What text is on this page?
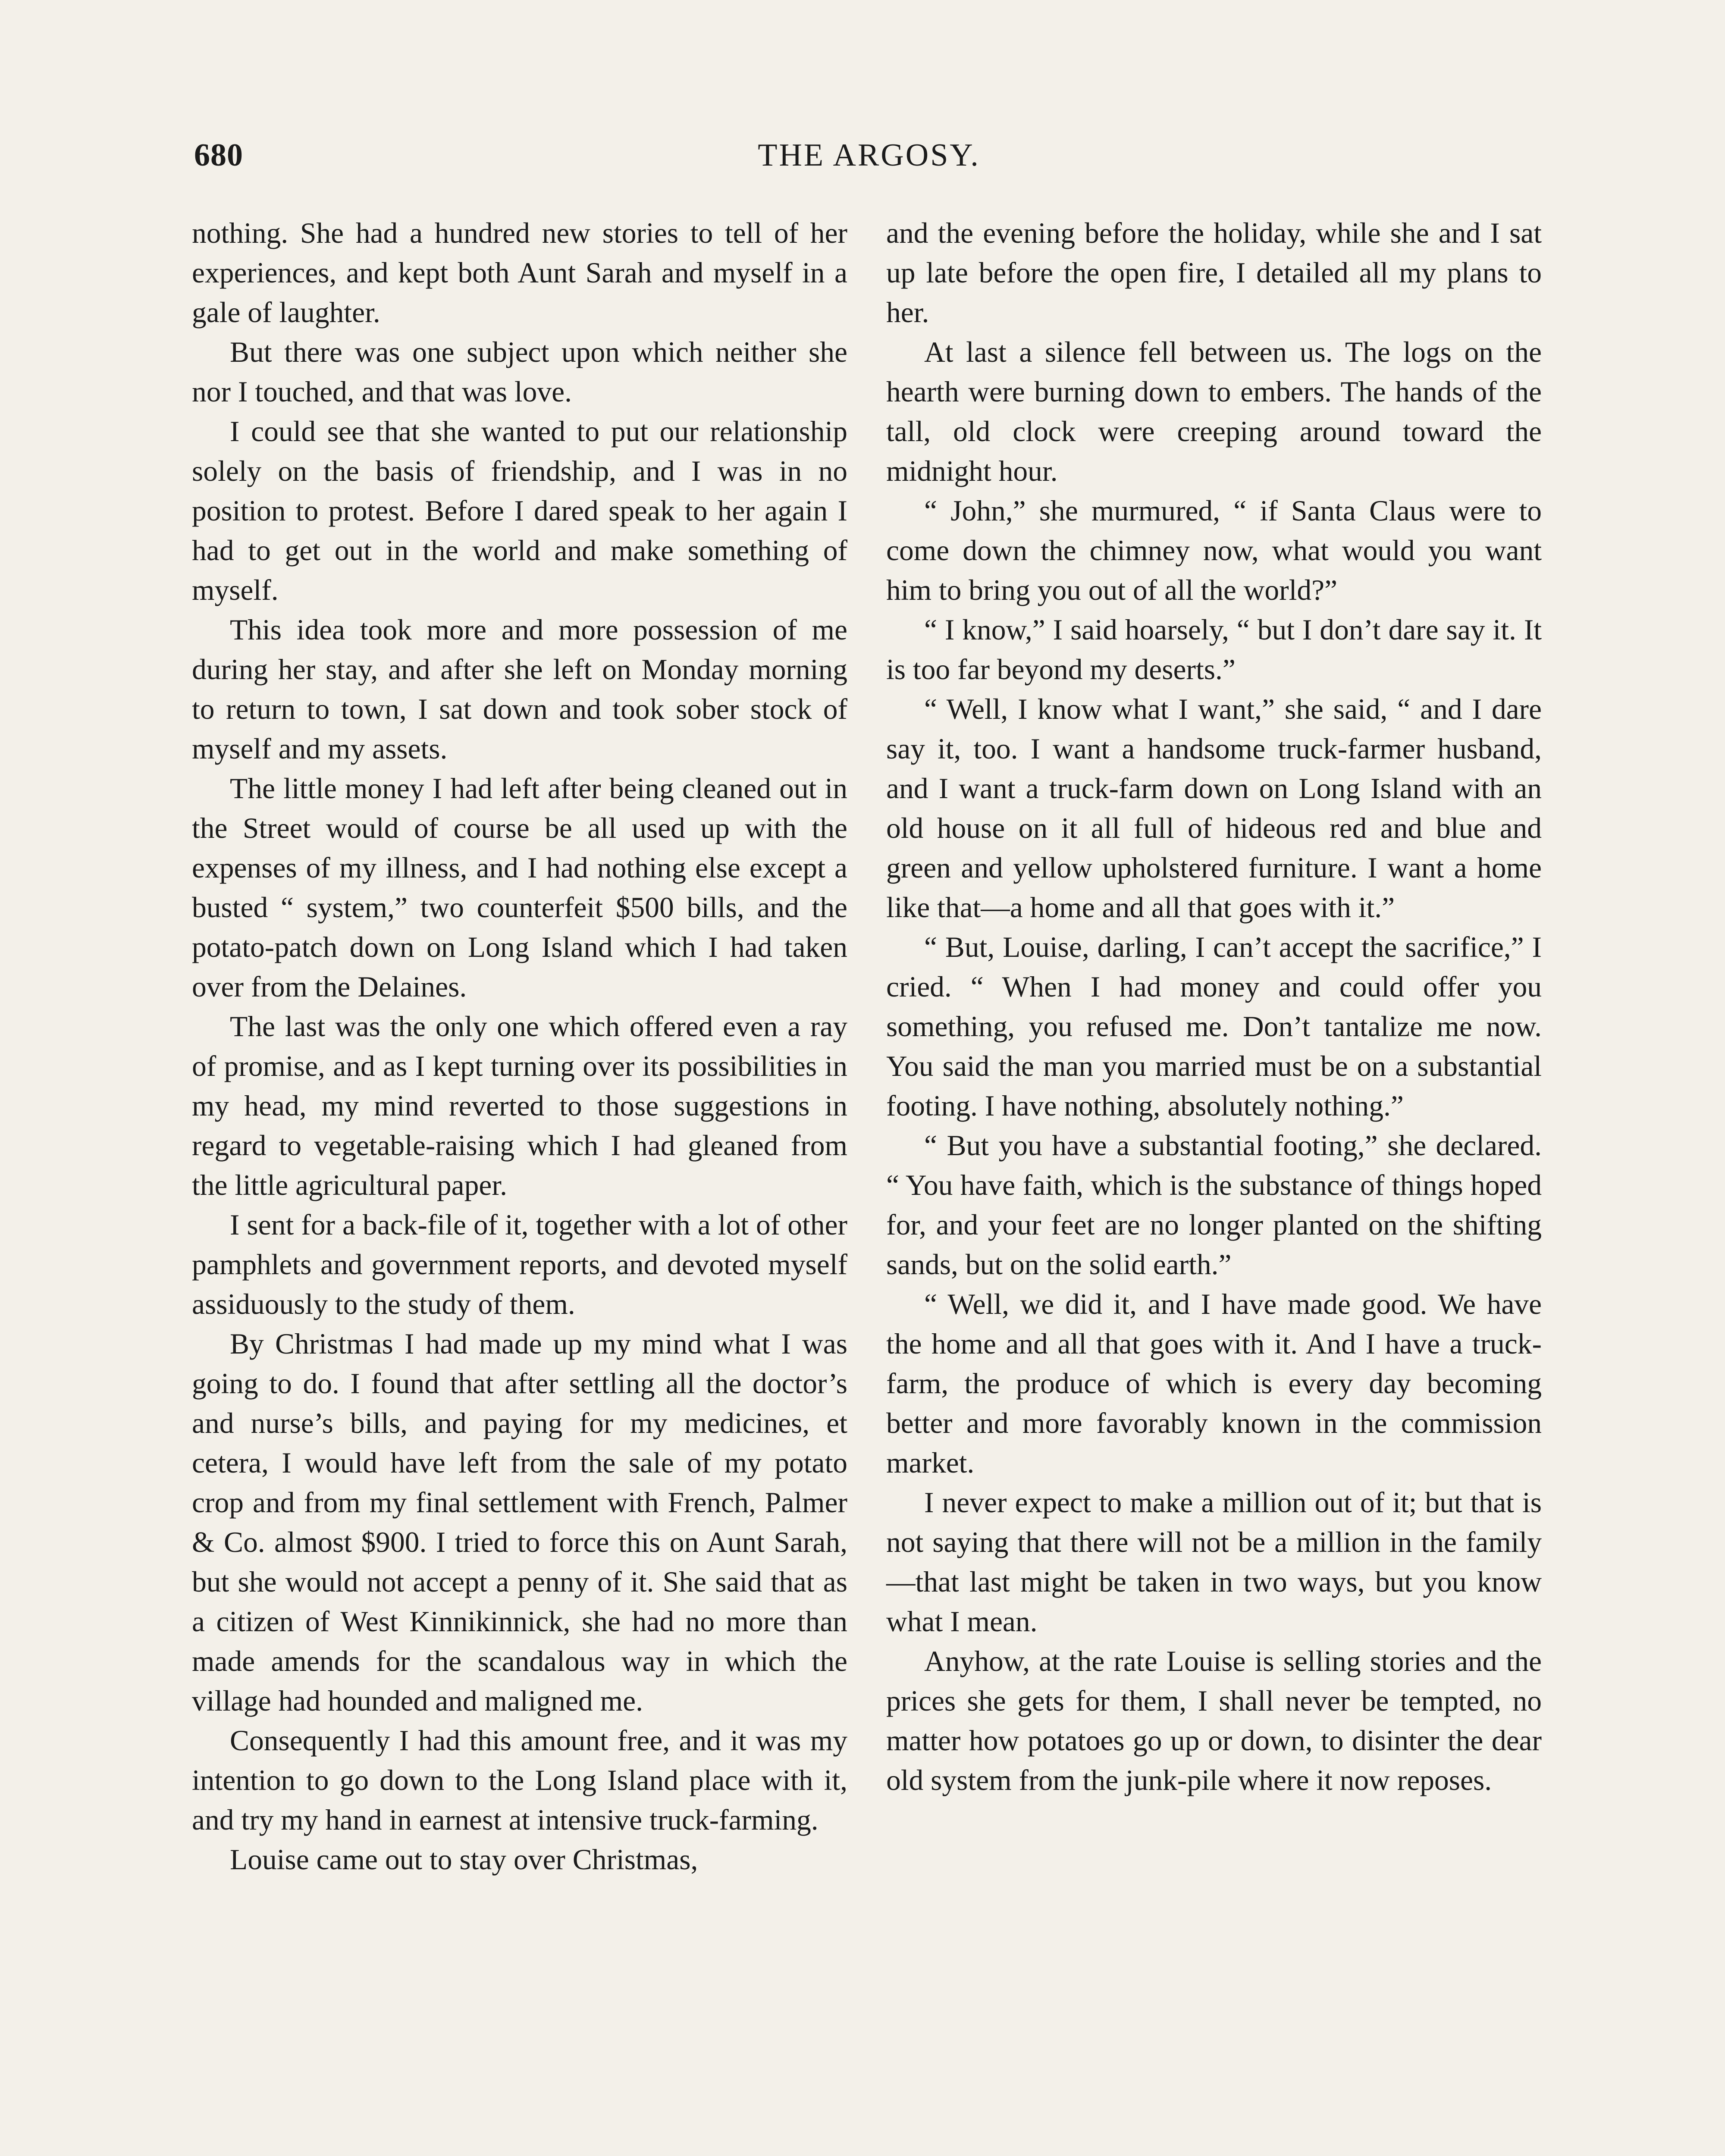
680	THE ARGOSY.

nothing. She had a hundred new stories to tell of her experiences, and kept both Aunt Sarah and myself in a gale of laughter.

But there was one subject upon which neither she nor I touched, and that was love.

I could see that she wanted to put our relationship solely on the basis of friendship, and I was in no position to protest. Before I dared speak to her again I had to get out in the world and make something of myself.

This idea took more and more possession of me during her stay, and after she left on Monday morning to return to town, I sat down and took sober stock of myself and my assets.

The little money I had left after being cleaned out in the Street would of course be all used up with the expenses of my illness, and I had nothing else except a busted “ system,” two counterfeit $500 bills, and the potato-patch down on Long Island which I had taken over from the Delaines.

The last was the only one which offered even a ray of promise, and as I kept turning over its possibilities in my head, my mind reverted to those suggestions in regard to vegetable-raising which I had gleaned from the little agricultural paper.

I sent for a back-file of it, together with a lot of other pamphlets and government reports, and devoted myself assiduously to the study of them.

By Christmas I had made up my mind what I was going to do. I found that after settling all the doctor’s and nurse’s bills, and paying for my medicines, et cetera, I would have left from the sale of my potato crop and from my final settlement with French, Palmer & Co. almost $900. I tried to force this on Aunt Sarah, but she would not accept a penny of it. She said that as a citizen of West Kinnikinnick, she had no more than made amends for the scandalous way in which the village had hounded and maligned me.

Consequently I had this amount free, and it was my intention to go down to the Long Island place with it, and try my hand in earnest at intensive truck-farming.

Louise came out to stay over Christmas,

and the evening before the holiday, while she and I sat up late before the open fire, I detailed all my plans to her.

At last a silence fell between us. The logs on the hearth were burning down to embers. The hands of the tall, old clock were creeping around toward the midnight hour.

“ John,” she murmured, “ if Santa Claus were to come down the chimney now, what would you want him to bring you out of all the world?”

“ I know,” I said hoarsely, “ but I don’t dare say it. It is too far beyond my deserts.”

“ Well, I know what I want,” she said, “ and I dare say it, too. I want a handsome truck-farmer husband, and I want a truck-farm down on Long Island with an old house on it all full of hideous red and blue and green and yellow upholstered furniture. I want a home like that—a home and all that goes with it.”

“ But, Louise, darling, I can’t accept the sacrifice,” I cried. “ When I had money and could offer you something, you refused me. Don’t tantalize me now. You said the man you married must be on a substantial footing. I have nothing, absolutely nothing.”

“ But you have a substantial footing,” she declared. “ You have faith, which is the substance of things hoped for, and your feet are no longer planted on the shifting sands, but on the solid earth.”

“ Well, we did it, and I have made good. We have the home and all that goes with it. And I have a truck-farm, the produce of which is every day becoming better and more favorably known in the commission market.

I never expect to make a million out of it; but that is not saying that there will not be a million in the family—that last might be taken in two ways, but you know what I mean.

Anyhow, at the rate Louise is selling stories and the prices she gets for them, I shall never be tempted, no matter how potatoes go up or down, to disinter the dear old system from the junk-pile where it now reposes.
